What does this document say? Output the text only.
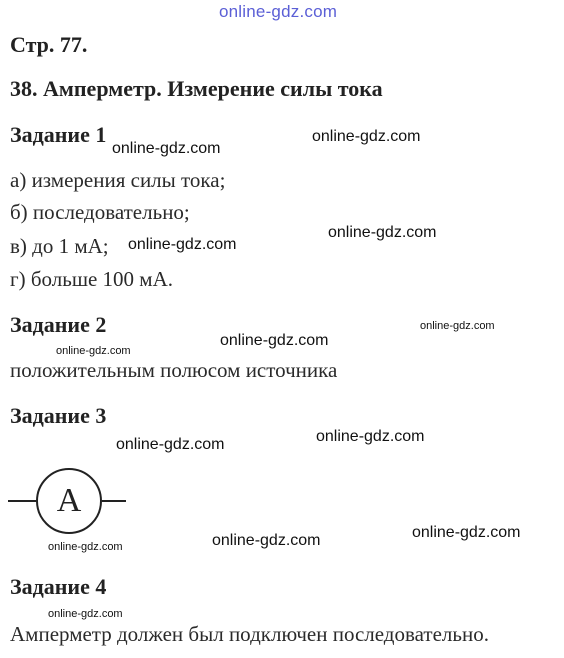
online-gdz.com
Стр. 77.
38. Амперметр. Измерение силы тока
Задание 1
а) измерения силы тока;
б) последовательно;
в) до 1 мА;
г) больше 100 мА.
Задание 2
положительным полюсом источника
Задание 3
A
Задание 4
Амперметр должен был подключен последовательно.
online-gdz.com
online-gdz.com
online-gdz.com
online-gdz.com
online-gdz.com
online-gdz.com
online-gdz.com
online-gdz.com
online-gdz.com
online-gdz.com
online-gdz.com
online-gdz.com
online-gdz.com
